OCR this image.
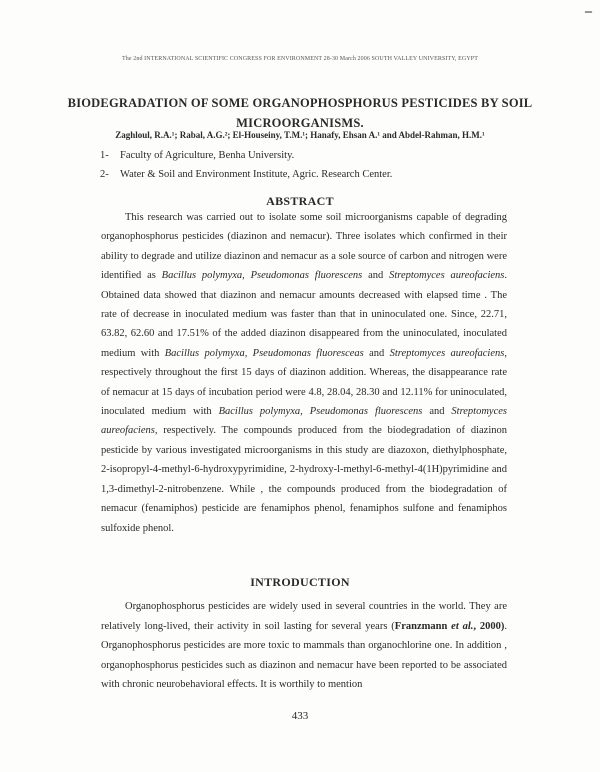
–
The 2nd INTERNATIONAL SCIENTIFIC CONGRESS FOR ENVIRONMENT 28-30 March 2006 SOUTH VALLEY UNIVERSITY, EGYPT
BIODEGRADATION OF SOME ORGANOPHOSPHORUS PESTICIDES BY SOIL MICROORGANISMS.
Zaghloul, R.A.¹; Rabal, A.G.²; El-Houseiny, T.M.¹; Hanafy, Ehsan A.¹ and Abdel-Rahman, H.M.¹
1- Faculty of Agriculture, Benha University.
2- Water & Soil and Environment Institute, Agric. Research Center.
ABSTRACT
This research was carried out to isolate some soil microorganisms capable of degrading organophosphorus pesticides (diazinon and nemacur). Three isolates which confirmed in their ability to degrade and utilize diazinon and nemacur as a sole source of carbon and nitrogen were identified as Bacillus polymyxa, Pseudomonas fluorescens and Streptomyces aureofaciens. Obtained data showed that diazinon and nemacur amounts decreased with elapsed time . The rate of decrease in inoculated medium was faster than that in uninoculated one. Since, 22.71, 63.82, 62.60 and 17.51% of the added diazinon disappeared from the uninoculated, inoculated medium with Bacillus polymyxa, Pseudomonas fluoresceas and Streptomyces aureofaciens, respectively throughout the first 15 days of diazinon addition. Whereas, the disappearance rate of nemacur at 15 days of incubation period were 4.8, 28.04, 28.30 and 12.11% for uninoculated, inoculated medium with Bacillus polymyxa, Pseudomonas fluorescens and Streptomyces aureofaciens, respectively. The compounds produced from the biodegradation of diazinon pesticide by various investigated microorganisms in this study are diazoxon, diethylphosphate, 2-isopropyl-4-methyl-6-hydroxypyrimidine, 2-hydroxy-l-methyl-6-methyl-4(1H)pyrimidine and 1,3-dimethyl-2-nitrobenzene. While , the compounds produced from the biodegradation of nemacur (fenamiphos) pesticide are fenamiphos phenol, fenamiphos sulfone and fenamiphos sulfoxide phenol.
INTRODUCTION
Organophosphorus pesticides are widely used in several countries in the world. They are relatively long-lived, their activity in soil lasting for several years (Franzmann et al., 2000). Organophosphorus pesticides are more toxic to mammals than organochlorine one. In addition , organophosphorus pesticides such as diazinon and nemacur have been reported to be associated with chronic neurobehavioral effects. It is worthily to mention
433
